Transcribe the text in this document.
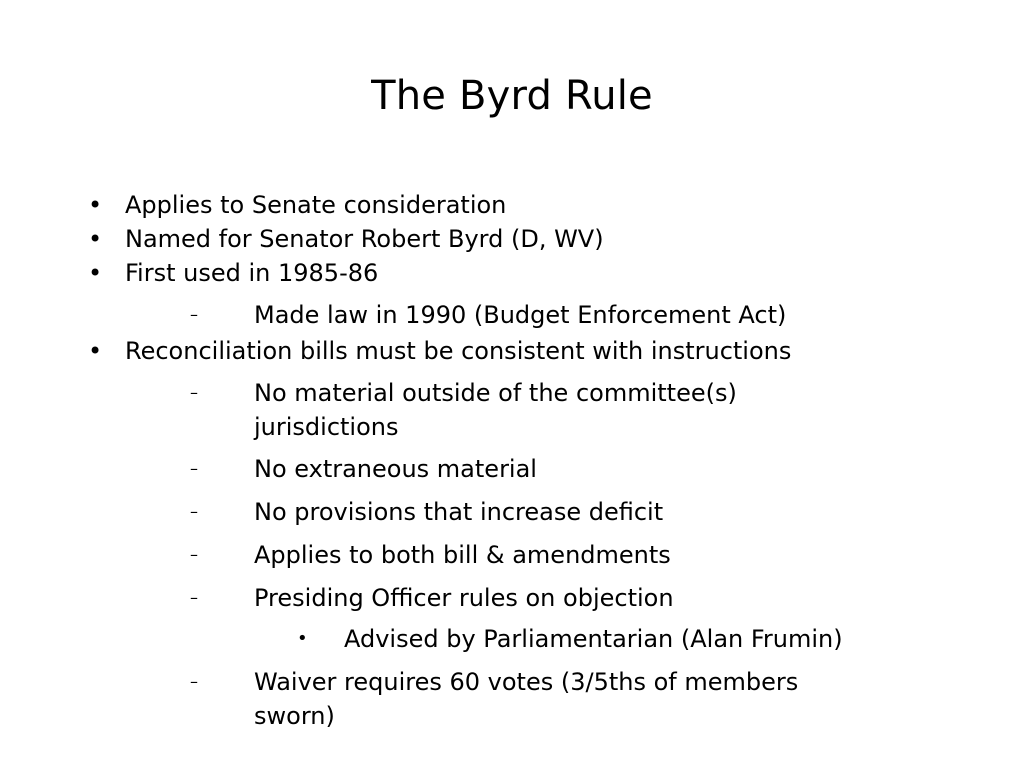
The Byrd Rule
• Applies to Senate consideration
• Named for Senator Robert Byrd (D, WV)
• First used in 1985-86
– Made law in 1990 (Budget Enforcement Act)
• Reconciliation bills must be consistent with instructions
– No material outside of the committee(s)
jurisdictions
– No extraneous material
– No provisions that increase deficit
– Applies to both bill & amendments
– Presiding Officer rules on objection
• Advised by Parliamentarian (Alan Frumin)
– Waiver requires 60 votes (3/5ths of members
sworn)
